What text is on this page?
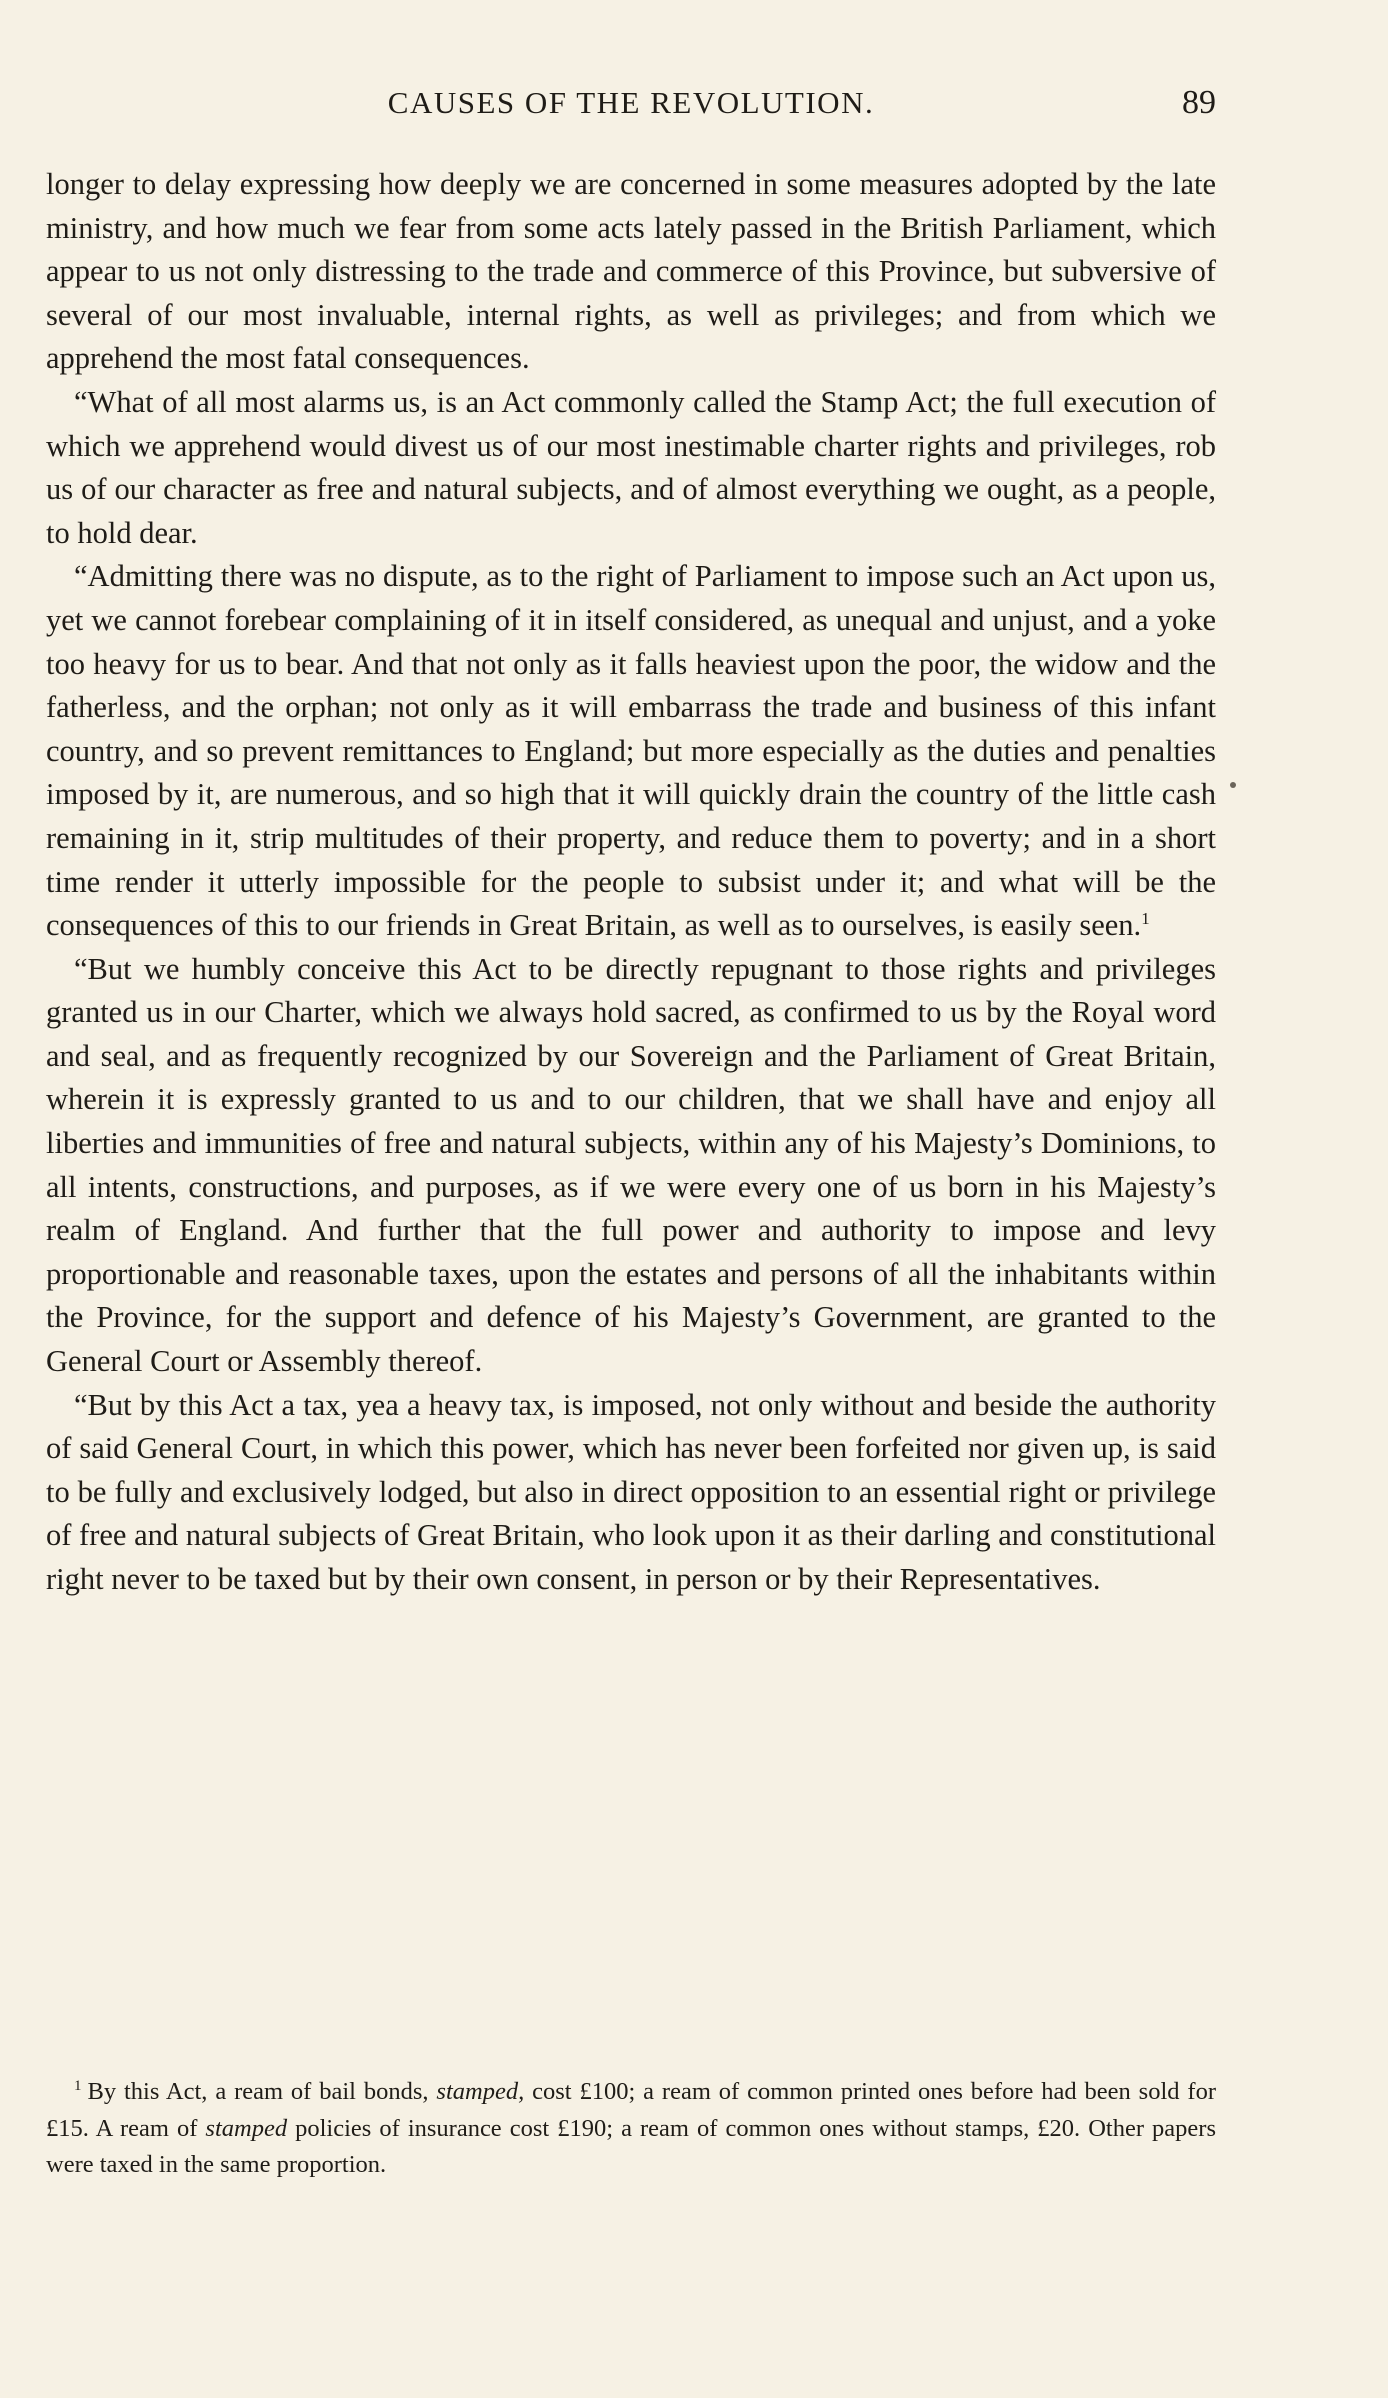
CAUSES OF THE REVOLUTION.	89

longer to delay expressing how deeply we are concerned in some measures adopted by the late ministry, and how much we fear from some acts lately passed in the British Parliament, which appear to us not only distressing to the trade and commerce of this Province, but subversive of several of our most invaluable, internal rights, as well as privileges; and from which we apprehend the most fatal consequences.

“What of all most alarms us, is an Act commonly called the Stamp Act; the full execution of which we apprehend would divest us of our most inestimable charter rights and privileges, rob us of our character as free and natural subjects, and of almost everything we ought, as a people, to hold dear.

“Admitting there was no dispute, as to the right of Parliament to impose such an Act upon us, yet we cannot forebear complaining of it in itself considered, as unequal and unjust, and a yoke too heavy for us to bear. And that not only as it falls heaviest upon the poor, the widow and the fatherless, and the orphan; not only as it will embarrass the trade and business of this infant country, and so prevent remittances to England; but more especially as the duties and penalties imposed by it, are numerous, and so high that it will quickly drain the country of the little cash remaining in it, strip multitudes of their property, and reduce them to poverty; and in a short time render it utterly impossible for the people to subsist under it; and what will be the consequences of this to our friends in Great Britain, as well as to ourselves, is easily seen.$^1$

“But we humbly conceive this Act to be directly repugnant to those rights and privileges granted us in our Charter, which we always hold sacred, as confirmed to us by the Royal word and seal, and as frequently recognized by our Sovereign and the Parliament of Great Britain, wherein it is expressly granted to us and to our children, that we shall have and enjoy all liberties and immunities of free and natural subjects, within any of his Majesty’s Dominions, to all intents, constructions, and purposes, as if we were every one of us born in his Majesty’s realm of England. And further that the full power and authority to impose and levy proportionable and reasonable taxes, upon the estates and persons of all the inhabitants within the Province, for the support and defence of his Majesty’s Government, are granted to the General Court or Assembly thereof.

“But by this Act a tax, yea a heavy tax, is imposed, not only without and beside the authority of said General Court, in which this power, which has never been forfeited nor given up, is said to be fully and exclusively lodged, but also in direct opposition to an essential right or privilege of free and natural subjects of Great Britain, who look upon it as their darling and constitutional right never to be taxed but by their own consent, in person or by their Representatives.

$^1$ By this Act, a ream of bail bonds, stamped, cost £100; a ream of common printed ones before had been sold for £15. A ream of stamped policies of insurance cost £190; a ream of common ones without stamps, £20. Other papers were taxed in the same proportion.
